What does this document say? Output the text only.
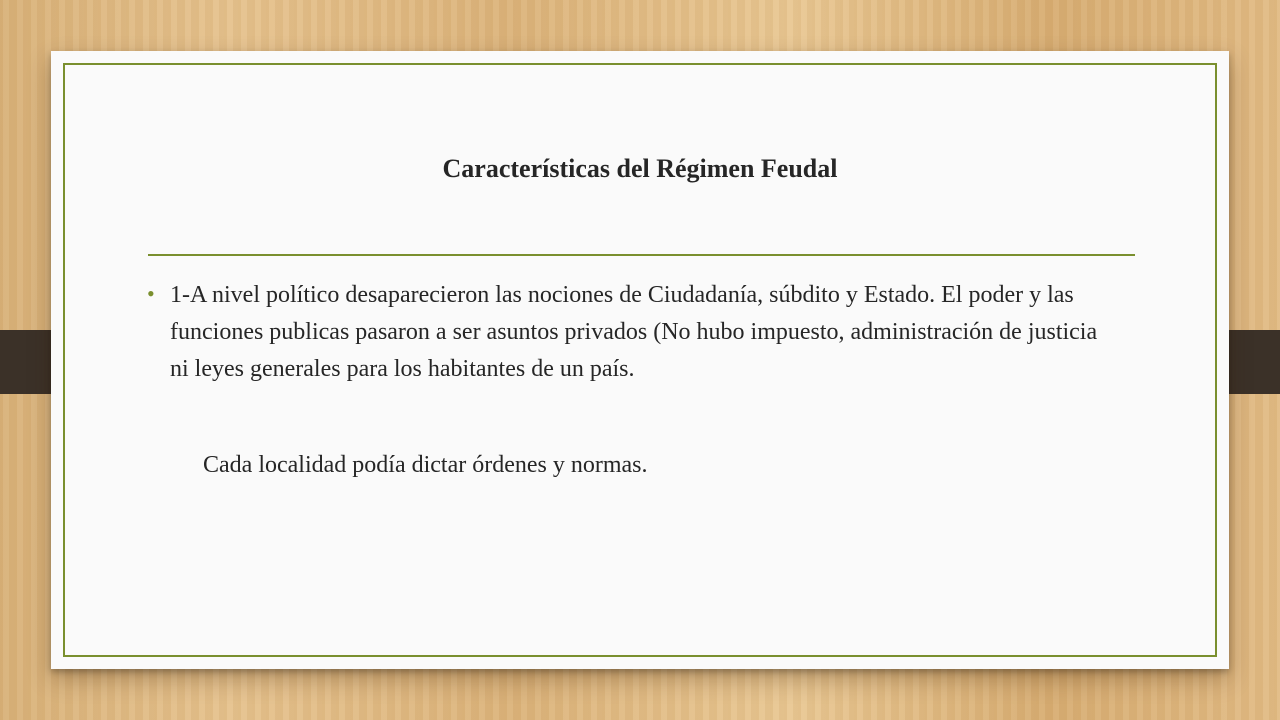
Características del Régimen Feudal
• 1-A nivel político desaparecieron las nociones de Ciudadanía, súbdito y Estado. El poder y las funciones publicas pasaron a ser asuntos privados (No hubo impuesto, administración de justicia ni leyes generales para los habitantes de un país.
Cada localidad podía dictar órdenes y normas.
